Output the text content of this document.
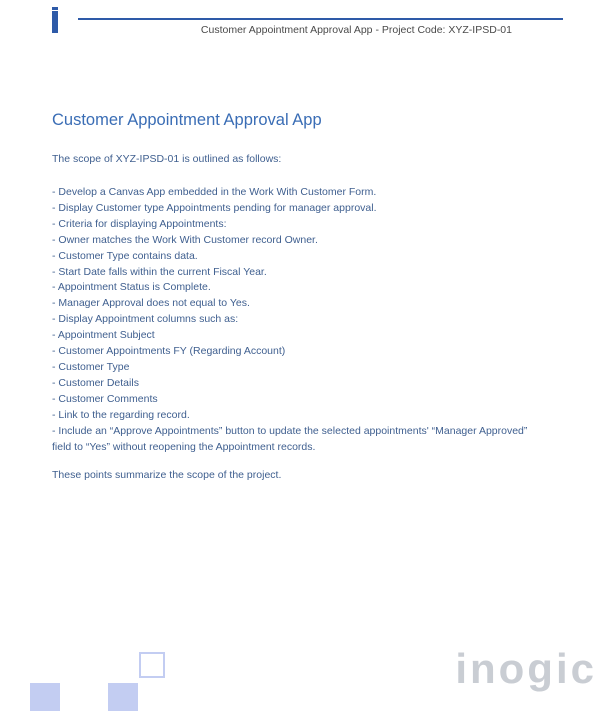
Customer Appointment Approval App - Project Code: XYZ-IPSD-01
Customer Appointment Approval App
The scope of XYZ-IPSD-01 is outlined as follows:
- Develop a Canvas App embedded in the Work With Customer Form.
- Display Customer type Appointments pending for manager approval.
- Criteria for displaying Appointments:
- Owner matches the Work With Customer record Owner.
- Customer Type contains data.
- Start Date falls within the current Fiscal Year.
- Appointment Status is Complete.
- Manager Approval does not equal to Yes.
- Display Appointment columns such as:
- Appointment Subject
- Customer Appointments FY (Regarding Account)
- Customer Type
- Customer Details
- Customer Comments
- Link to the regarding record.
- Include an “Approve Appointments” button to update the selected appointments' “Manager Approved” field to “Yes” without reopening the Appointment records.
These points summarize the scope of the project.
inogic
